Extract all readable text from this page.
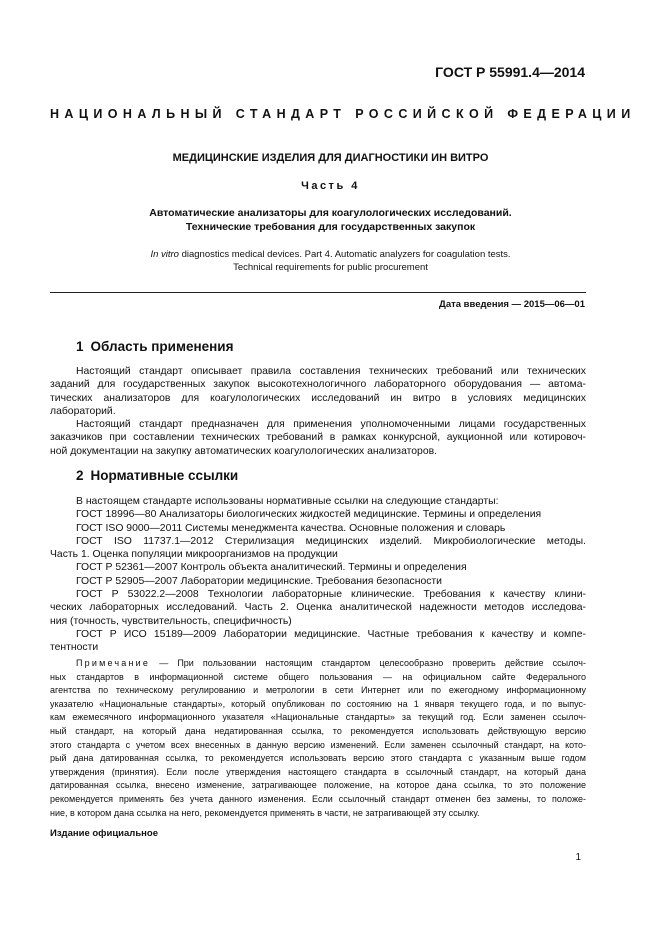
ГОСТ Р 55991.4—2014
НАЦИОНАЛЬНЫЙ СТАНДАРТ РОССИЙСКОЙ ФЕДЕРАЦИИ
МЕДИЦИНСКИЕ ИЗДЕЛИЯ ДЛЯ ДИАГНОСТИКИ ИН ВИТРО
Часть 4
Автоматические анализаторы для коагулологических исследований.
Технические требования для государственных закупок
In vitro diagnostics medical devices. Part 4. Automatic analyzers for coagulation tests.
Technical requirements for public procurement
Дата введения — 2015—06—01
1 Область применения
Настоящий стандарт описывает правила составления технических требований или технических
заданий для государственных закупок высокотехнологичного лабораторного оборудования — автома-
тических анализаторов для коагулологических исследований ин витро в условиях медицинских
лабораторий.
Настоящий стандарт предназначен для применения уполномоченными лицами государственных
заказчиков при составлении технических требований в рамках конкурсной, аукционной или котировоч-
ной документации на закупку автоматических коагулологических анализаторов.
2 Нормативные ссылки
В настоящем стандарте использованы нормативные ссылки на следующие стандарты:
ГОСТ 18996—80 Анализаторы биологических жидкостей медицинские. Термины и определения
ГОСТ ISO 9000—2011 Системы менеджмента качества. Основные положения и словарь
ГОСТ ISO 11737.1—2012 Стерилизация медицинских изделий. Микробиологические методы.
Часть 1. Оценка популяции микроорганизмов на продукции
ГОСТ Р 52361—2007 Контроль объекта аналитический. Термины и определения
ГОСТ Р 52905—2007 Лаборатории медицинские. Требования безопасности
ГОСТ Р 53022.2—2008 Технологии лабораторные клинические. Требования к качеству клини-
ческих лабораторных исследований. Часть 2. Оценка аналитической надежности методов исследова-
ния (точность, чувствительность, специфичность)
ГОСТ Р ИСО 15189—2009 Лаборатории медицинские. Частные требования к качеству и компе-
тентности
Примечание — При пользовании настоящим стандартом целесообразно проверить действие ссылоч-
ных стандартов в информационной системе общего пользования — на официальном сайте Федерального
агентства по техническому регулированию и метрологии в сети Интернет или по ежегодному информационному
указателю «Национальные стандарты», который опубликован по состоянию на 1 января текущего года, и по выпус-
кам ежемесячного информационного указателя «Национальные стандарты» за текущий год. Если заменен ссылоч-
ный стандарт, на который дана недатированная ссылка, то рекомендуется использовать действующую версию
этого стандарта с учетом всех внесенных в данную версию изменений. Если заменен ссылочный стандарт, на кото-
рый дана датированная ссылка, то рекомендуется использовать версию этого стандарта с указанным выше годом
утверждения (принятия). Если после утверждения настоящего стандарта в ссылочный стандарт, на который дана
датированная ссылка, внесено изменение, затрагивающее положение, на которое дана ссылка, то это положение
рекомендуется применять без учета данного изменения. Если ссылочный стандарт отменен без замены, то положе-
ние, в котором дана ссылка на него, рекомендуется применять в части, не затрагивающей эту ссылку.
Издание официальное
1
